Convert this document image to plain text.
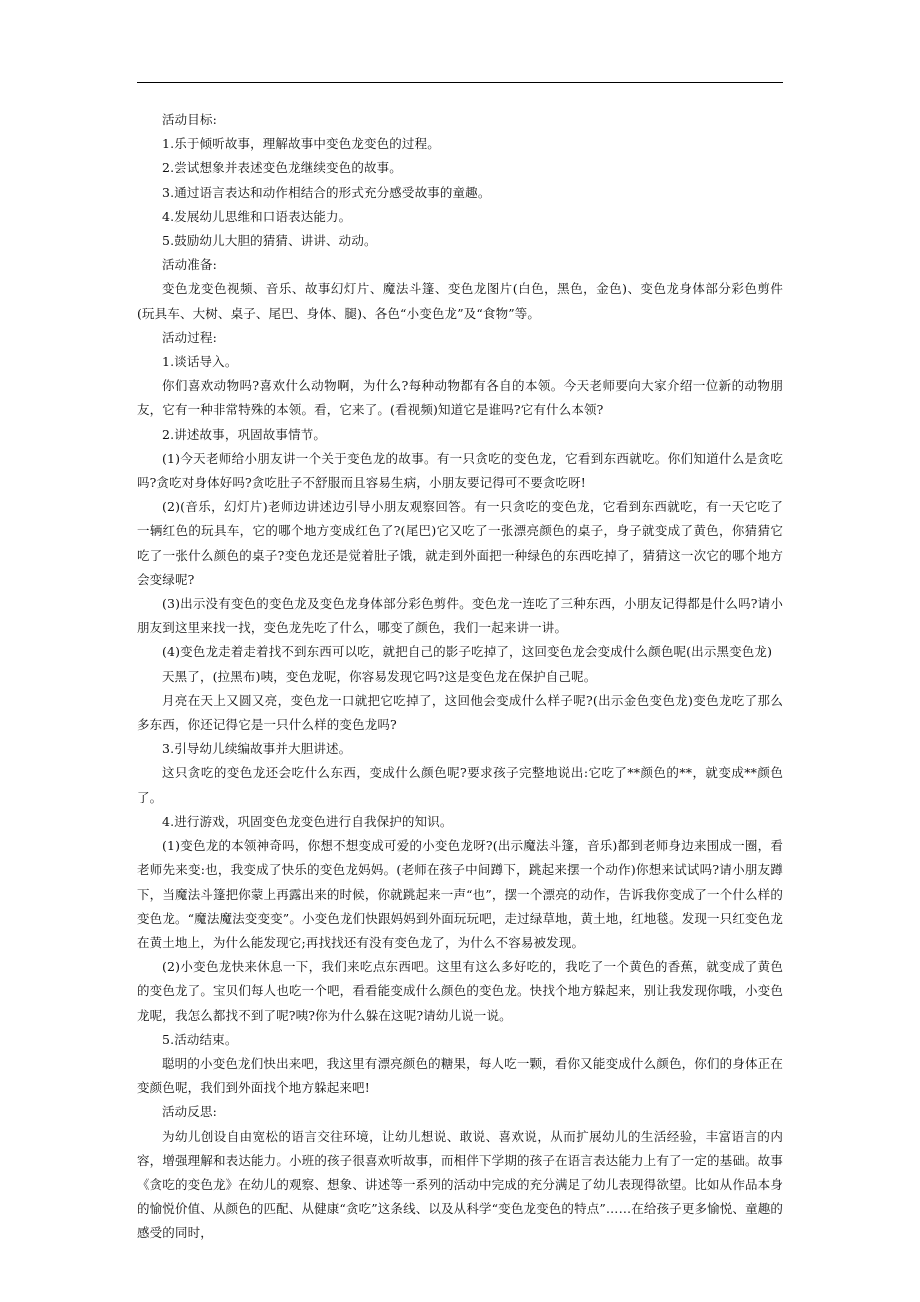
活动目标:

1.乐于倾听故事，理解故事中变色龙变色的过程。

2.尝试想象并表述变色龙继续变色的故事。

3.通过语言表达和动作相结合的形式充分感受故事的童趣。

4.发展幼儿思维和口语表达能力。

5.鼓励幼儿大胆的猜猜、讲讲、动动。

活动准备:

变色龙变色视频、音乐、故事幻灯片、魔法斗篷、变色龙图片(白色，黑色，金色)、变色龙身体部分彩色剪件(玩具车、大树、桌子、尾巴、身体、腿)、各色“小变色龙”及“食物”等。

活动过程:

1.谈话导入。

你们喜欢动物吗?喜欢什么动物啊，为什么?每种动物都有各自的本领。今天老师要向大家介绍一位新的动物朋友，它有一种非常特殊的本领。看，它来了。(看视频)知道它是谁吗?它有什么本领?

2.讲述故事，巩固故事情节。

(1)今天老师给小朋友讲一个关于变色龙的故事。有一只贪吃的变色龙，它看到东西就吃。你们知道什么是贪吃吗?贪吃对身体好吗?贪吃肚子不舒服而且容易生病，小朋友要记得可不要贪吃呀!

(2)(音乐，幻灯片)老师边讲述边引导小朋友观察回答。有一只贪吃的变色龙，它看到东西就吃，有一天它吃了一辆红色的玩具车，它的哪个地方变成红色了?(尾巴)它又吃了一张漂亮颜色的桌子，身子就变成了黄色，你猜猜它吃了一张什么颜色的桌子?变色龙还是觉着肚子饿，就走到外面把一种绿色的东西吃掉了，猜猜这一次它的哪个地方会变绿呢?

(3)出示没有变色的变色龙及变色龙身体部分彩色剪件。变色龙一连吃了三种东西，小朋友记得都是什么吗?请小朋友到这里来找一找，变色龙先吃了什么，哪变了颜色，我们一起来讲一讲。

(4)变色龙走着走着找不到东西可以吃，就把自己的影子吃掉了，这回变色龙会变成什么颜色呢(出示黑变色龙)

天黑了，(拉黑布)咦，变色龙呢，你容易发现它吗?这是变色龙在保护自己呢。

月亮在天上又圆又亮，变色龙一口就把它吃掉了，这回他会变成什么样子呢?(出示金色变色龙)变色龙吃了那么多东西，你还记得它是一只什么样的变色龙吗?

3.引导幼儿续编故事并大胆讲述。

这只贪吃的变色龙还会吃什么东西，变成什么颜色呢?要求孩子完整地说出:它吃了**颜色的**，就变成**颜色了。

4.进行游戏，巩固变色龙变色进行自我保护的知识。

(1)变色龙的本领神奇吗，你想不想变成可爱的小变色龙呀?(出示魔法斗篷，音乐)都到老师身边来围成一圈，看老师先来变:也，我变成了快乐的变色龙妈妈。(老师在孩子中间蹲下，跳起来摆一个动作)你想来试试吗?请小朋友蹲下，当魔法斗篷把你蒙上再露出来的时候，你就跳起来一声“也”，摆一个漂亮的动作，告诉我你变成了一个什么样的变色龙。“魔法魔法变变变”。小变色龙们快跟妈妈到外面玩玩吧，走过绿草地，黄土地，红地毯。发现一只红变色龙在黄土地上，为什么能发现它;再找找还有没有变色龙了，为什么不容易被发现。

(2)小变色龙快来休息一下，我们来吃点东西吧。这里有这么多好吃的，我吃了一个黄色的香蕉，就变成了黄色的变色龙了。宝贝们每人也吃一个吧，看看能变成什么颜色的变色龙。快找个地方躲起来，别让我发现你哦，小变色龙呢，我怎么都找不到了呢?咦?你为什么躲在这呢?请幼儿说一说。

5.活动结束。

聪明的小变色龙们快出来吧，我这里有漂亮颜色的糖果，每人吃一颗，看你又能变成什么颜色，你们的身体正在变颜色呢，我们到外面找个地方躲起来吧!

活动反思:

为幼儿创设自由宽松的语言交往环境，让幼儿想说、敢说、喜欢说，从而扩展幼儿的生活经验，丰富语言的内容，增强理解和表达能力。小班的孩子很喜欢听故事，而相伴下学期的孩子在语言表达能力上有了一定的基础。故事《贪吃的变色龙》在幼儿的观察、想象、讲述等一系列的活动中完成的充分满足了幼儿表现得欲望。比如从作品本身的愉悦价值、从颜色的匹配、从健康“贪吃”这条线、以及从科学“变色龙变色的特点”……在给孩子更多愉悦、童趣的感受的同时，
